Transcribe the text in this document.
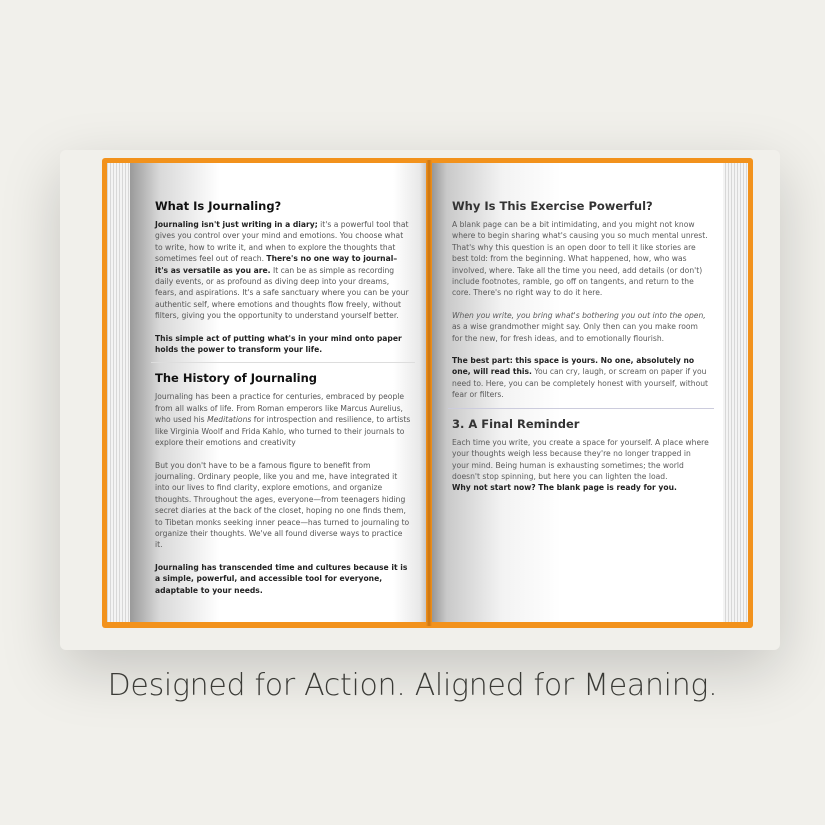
What Is Journaling?

Journaling isn't just writing in a diary; it's a powerful tool that gives you control over your mind and emotions. You choose what to write, how to write it, and when to explore the thoughts that sometimes feel out of reach. There's no one way to journal– it's as versatile as you are. It can be as simple as recording daily events, or as profound as diving deep into your dreams, fears, and aspirations. It's a safe sanctuary where you can be your authentic self, where emotions and thoughts flow freely, without filters, giving you the opportunity to understand yourself better.

This simple act of putting what's in your mind onto paper holds the power to transform your life.

The History of Journaling

Journaling has been a practice for centuries, embraced by people from all walks of life. From Roman emperors like Marcus Aurelius, who used his Meditations for introspection and resilience, to artists like Virginia Woolf and Frida Kahlo, who turned to their journals to explore their emotions and creativity

But you don't have to be a famous figure to benefit from journaling. Ordinary people, like you and me, have integrated it into our lives to find clarity, explore emotions, and organize thoughts. Throughout the ages, everyone—from teenagers hiding secret diaries at the back of the closet, hoping no one finds them, to Tibetan monks seeking inner peace—has turned to journaling to organize their thoughts. We've all found diverse ways to practice it.

Journaling has transcended time and cultures because it is a simple, powerful, and accessible tool for everyone, adaptable to your needs.

Why Is This Exercise Powerful?

A blank page can be a bit intimidating, and you might not know where to begin sharing what's causing you so much mental unrest. That's why this question is an open door to tell it like stories are best told: from the beginning. What happened, how, who was involved, where. Take all the time you need, add details (or don't) include footnotes, ramble, go off on tangents, and return to the core. There's no right way to do it here.

When you write, you bring what's bothering you out into the open, as a wise grandmother might say. Only then can you make room for the new, for fresh ideas, and to emotionally flourish.

The best part: this space is yours. No one, absolutely no one, will read this. You can cry, laugh, or scream on paper if you need to. Here, you can be completely honest with yourself, without fear or filters.

3. A Final Reminder

Each time you write, you create a space for yourself. A place where your thoughts weigh less because they're no longer trapped in your mind. Being human is exhausting sometimes; the world doesn't stop spinning, but here you can lighten the load.

Why not start now? The blank page is ready for you.

Designed for Action. Aligned for Meaning.
